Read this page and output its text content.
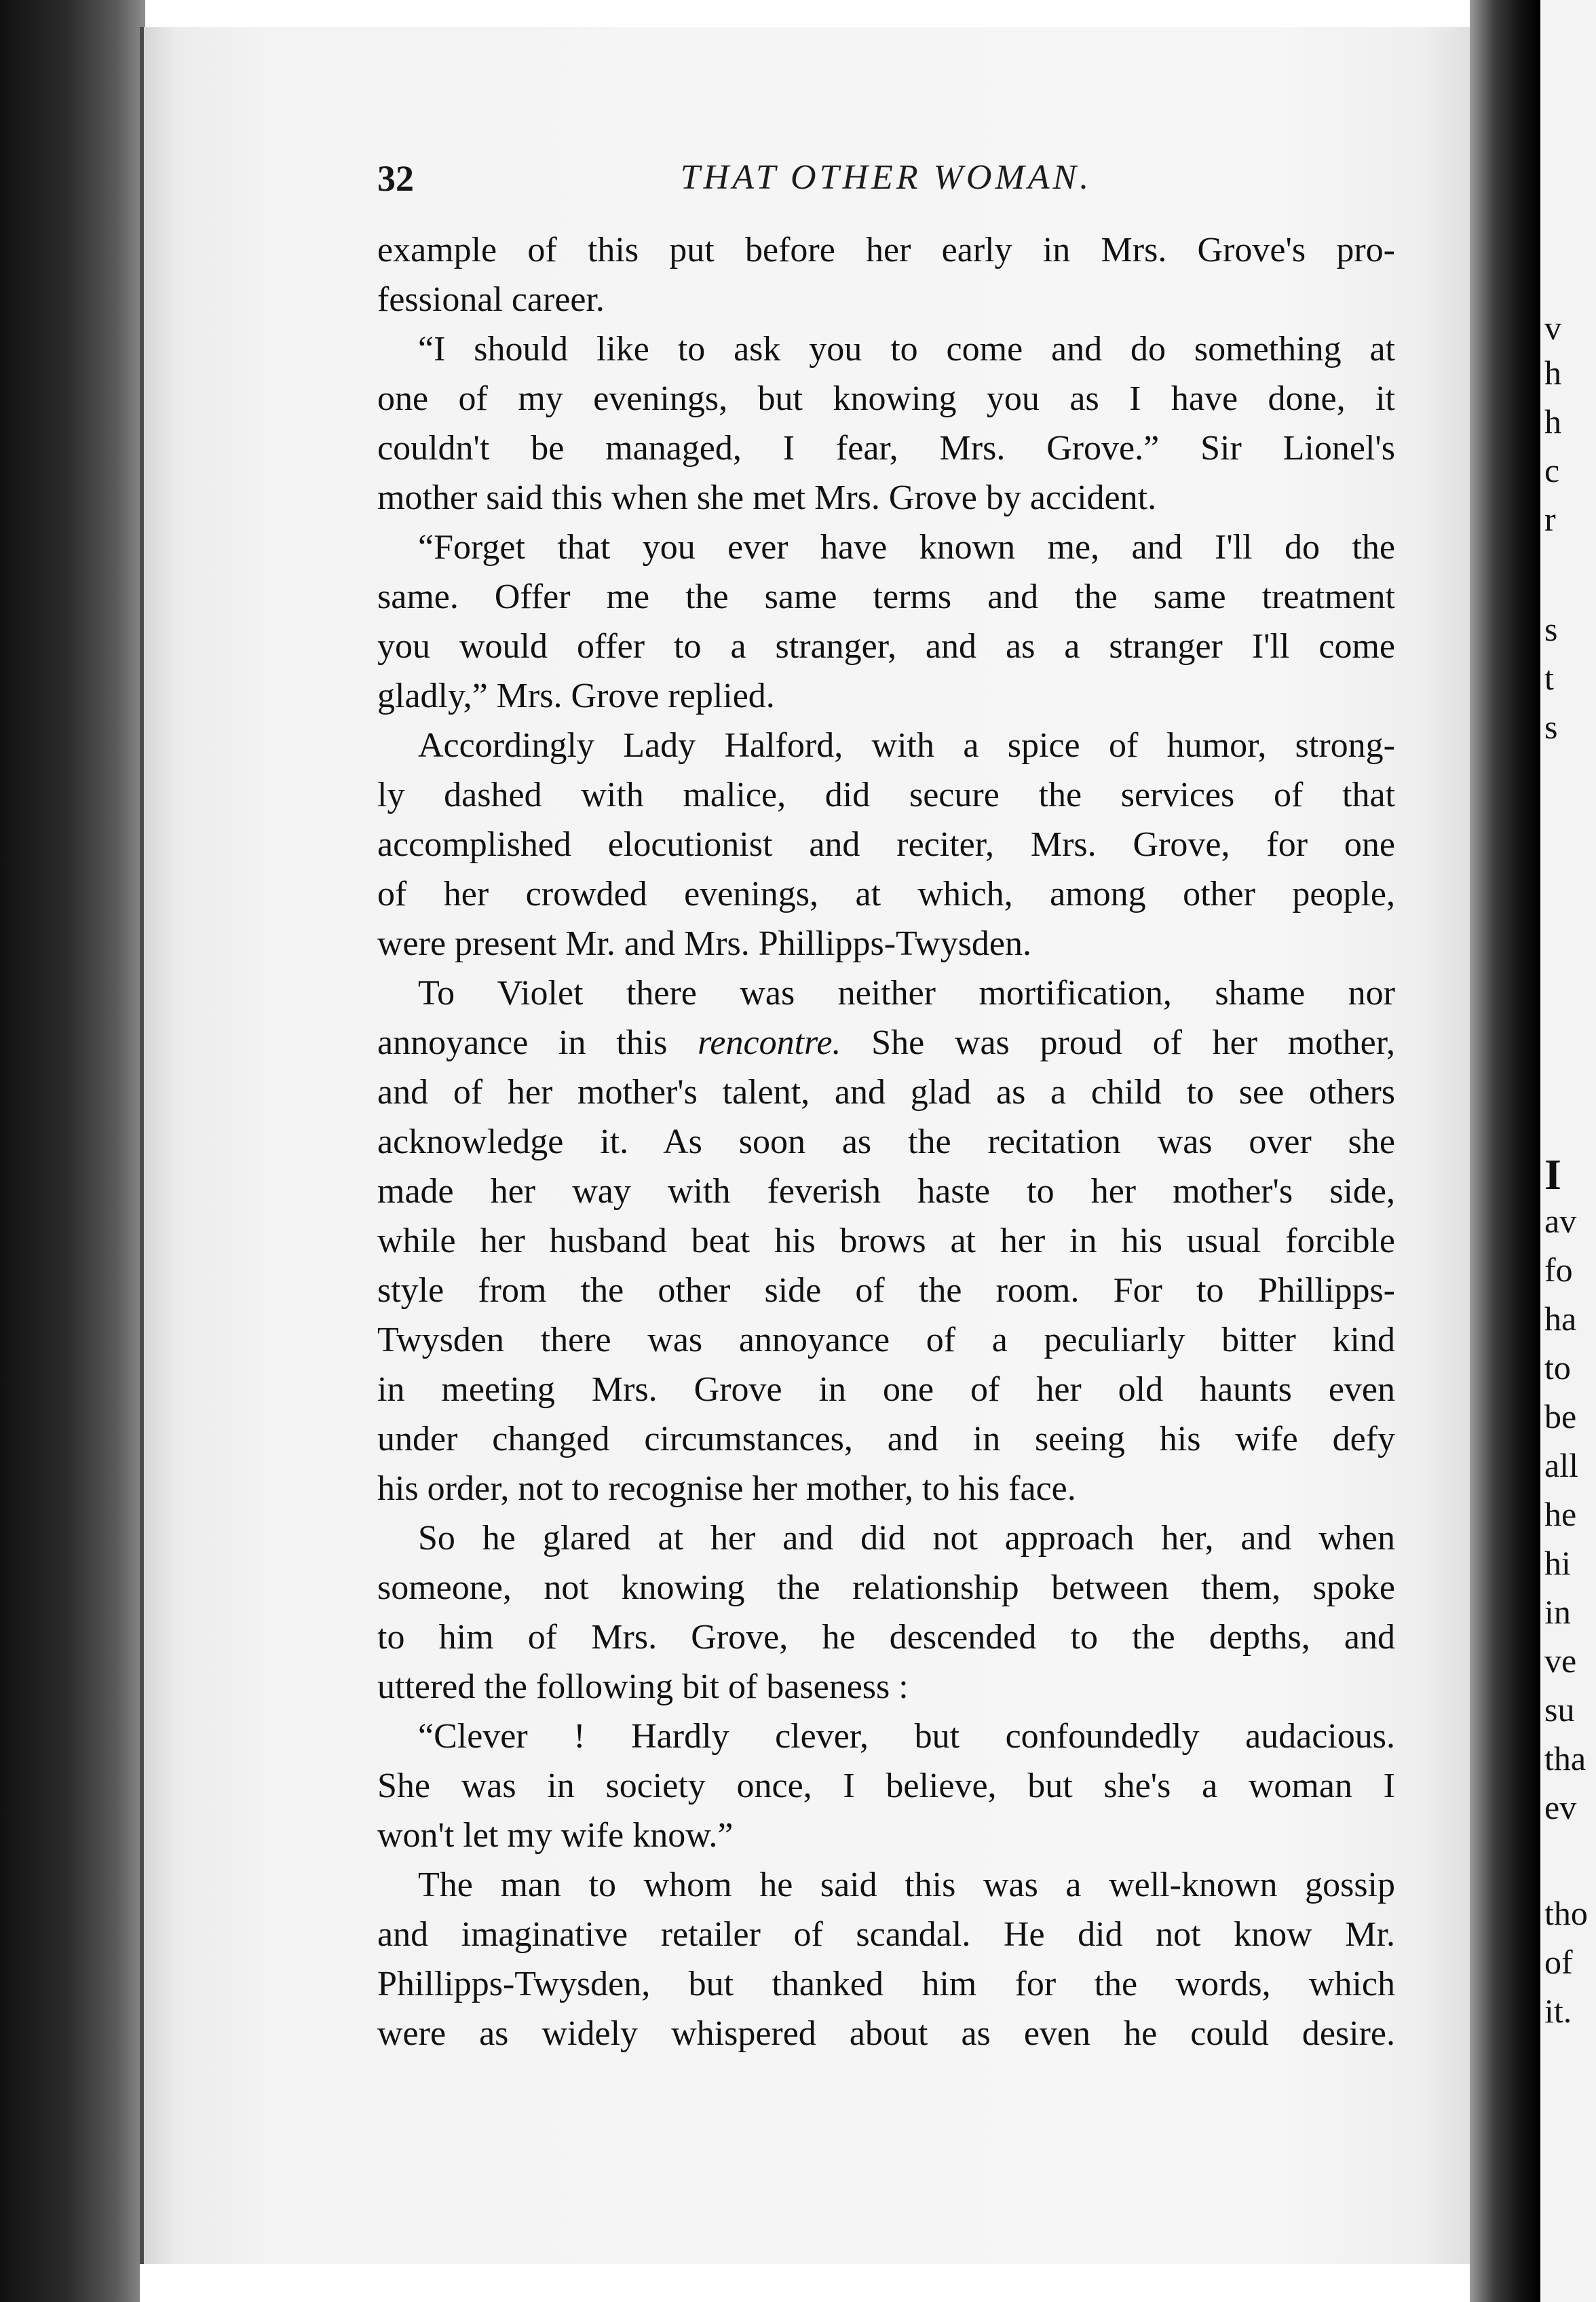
v
h
h
c
r
s
t
s
I
av
fo
ha
to
be
all
he
hi
in
ve
su
tha
ev
tho
of
it.
32	THAT OTHER WOMAN.
example of this put before her early in Mrs. Grove's pro-
fessional career.
“I should like to ask you to come and do something at
one of my evenings, but knowing you as I have done, it
couldn't be managed, I fear, Mrs. Grove.” Sir Lionel's
mother said this when she met Mrs. Grove by accident.
“Forget that you ever have known me, and I'll do the
same. Offer me the same terms and the same treatment
you would offer to a stranger, and as a stranger I'll come
gladly,” Mrs. Grove replied.
Accordingly Lady Halford, with a spice of humor, strong-
ly dashed with malice, did secure the services of that
accomplished elocutionist and reciter, Mrs. Grove, for one
of her crowded evenings, at which, among other people,
were present Mr. and Mrs. Phillipps-Twysden.
To Violet there was neither mortification, shame nor
annoyance in this rencontre. She was proud of her mother,
and of her mother's talent, and glad as a child to see others
acknowledge it. As soon as the recitation was over she
made her way with feverish haste to her mother's side,
while her husband beat his brows at her in his usual forcible
style from the other side of the room. For to Phillipps-
Twysden there was annoyance of a peculiarly bitter kind
in meeting Mrs. Grove in one of her old haunts even
under changed circumstances, and in seeing his wife defy
his order, not to recognise her mother, to his face.
So he glared at her and did not approach her, and when
someone, not knowing the relationship between them, spoke
to him of Mrs. Grove, he descended to the depths, and
uttered the following bit of baseness :
“Clever ! Hardly clever, but confoundedly audacious.
She was in society once, I believe, but she's a woman I
won't let my wife know.”
The man to whom he said this was a well-known gossip
and imaginative retailer of scandal. He did not know Mr.
Phillipps-Twysden, but thanked him for the words, which
were as widely whispered about as even he could desire.
